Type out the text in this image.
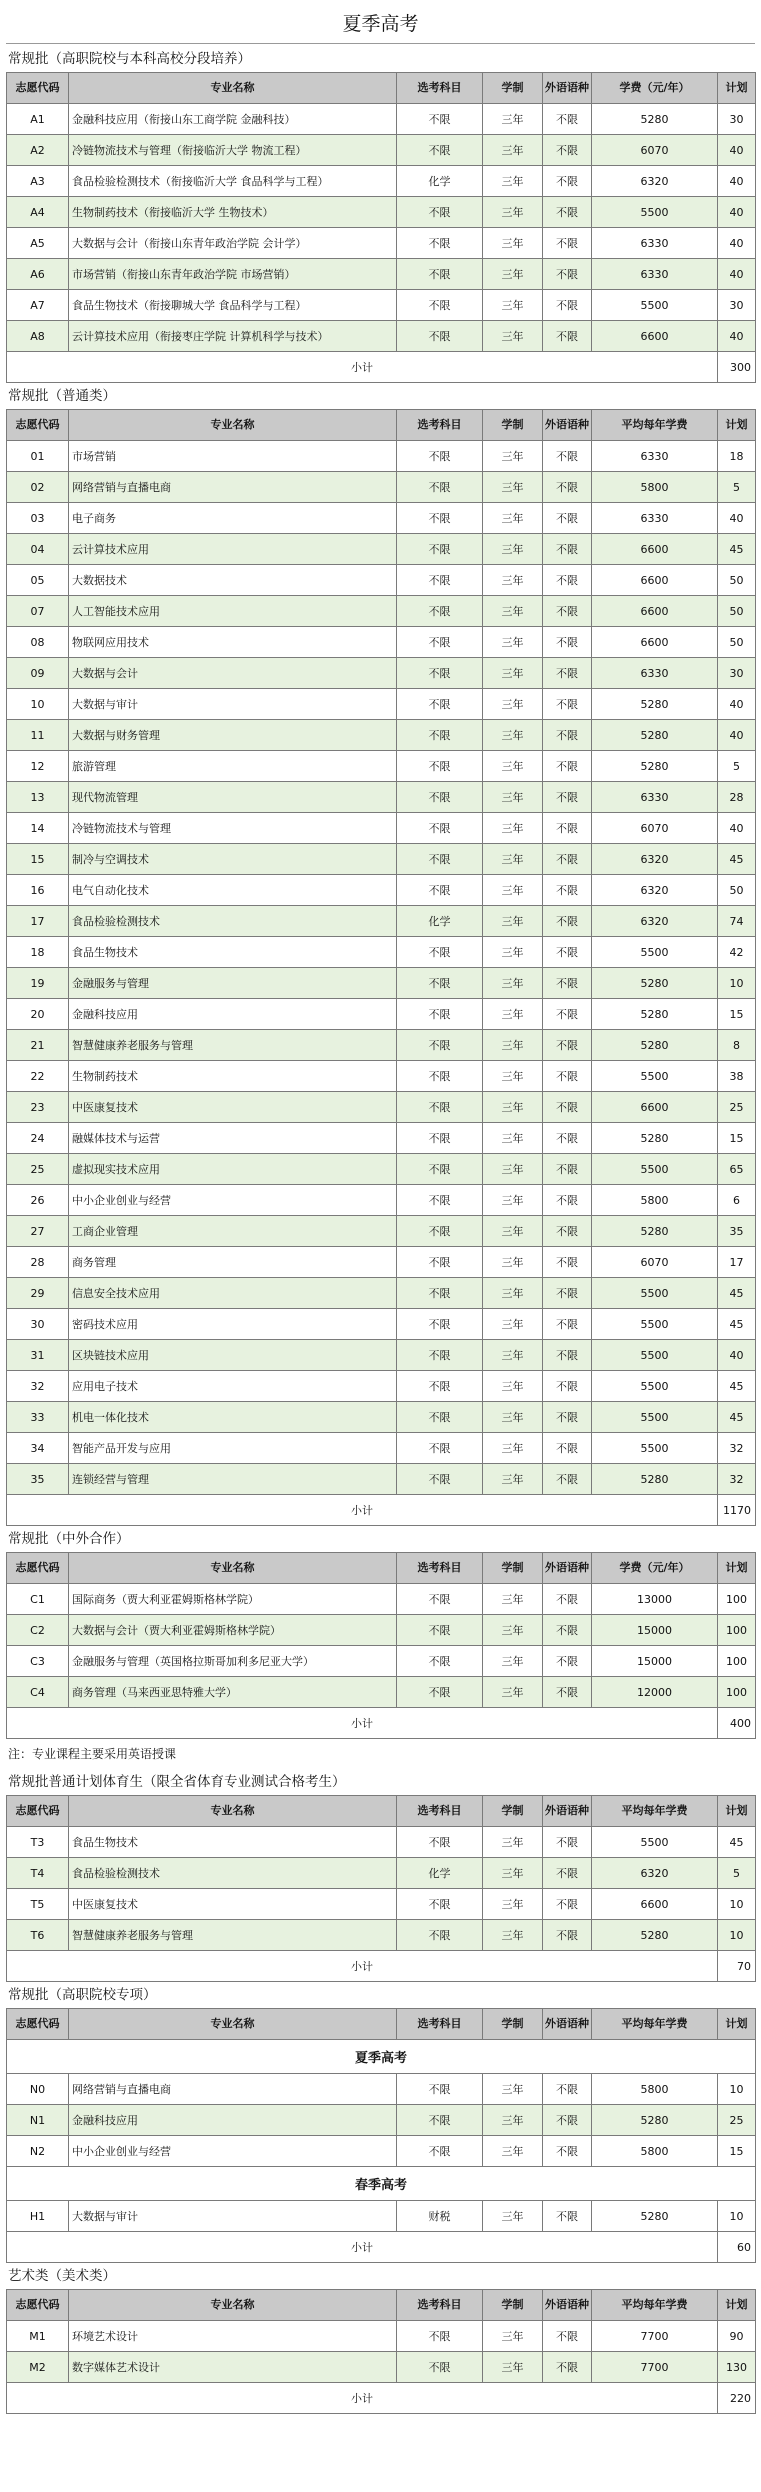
夏季高考
常规批（高职院校与本科高校分段培养）
志愿代码	专业名称	选考科目	学制	外语语种	学费（元/年）	计划
A1	金融科技应用（衔接山东工商学院 金融科技）	不限	三年	不限	5280	30
A2	冷链物流技术与管理（衔接临沂大学 物流工程）	不限	三年	不限	6070	40
A3	食品检验检测技术（衔接临沂大学 食品科学与工程）	化学	三年	不限	6320	40
A4	生物制药技术（衔接临沂大学 生物技术）	不限	三年	不限	5500	40
A5	大数据与会计（衔接山东青年政治学院 会计学）	不限	三年	不限	6330	40
A6	市场营销（衔接山东青年政治学院 市场营销）	不限	三年	不限	6330	40
A7	食品生物技术（衔接聊城大学 食品科学与工程）	不限	三年	不限	5500	30
A8	云计算技术应用（衔接枣庄学院 计算机科学与技术）	不限	三年	不限	6600	40
小计						300
常规批（普通类）
志愿代码	专业名称	选考科目	学制	外语语种	平均每年学费	计划
01	市场营销	不限	三年	不限	6330	18
02	网络营销与直播电商	不限	三年	不限	5800	5
03	电子商务	不限	三年	不限	6330	40
04	云计算技术应用	不限	三年	不限	6600	45
05	大数据技术	不限	三年	不限	6600	50
07	人工智能技术应用	不限	三年	不限	6600	50
08	物联网应用技术	不限	三年	不限	6600	50
09	大数据与会计	不限	三年	不限	6330	30
10	大数据与审计	不限	三年	不限	5280	40
11	大数据与财务管理	不限	三年	不限	5280	40
12	旅游管理	不限	三年	不限	5280	5
13	现代物流管理	不限	三年	不限	6330	28
14	冷链物流技术与管理	不限	三年	不限	6070	40
15	制冷与空调技术	不限	三年	不限	6320	45
16	电气自动化技术	不限	三年	不限	6320	50
17	食品检验检测技术	化学	三年	不限	6320	74
18	食品生物技术	不限	三年	不限	5500	42
19	金融服务与管理	不限	三年	不限	5280	10
20	金融科技应用	不限	三年	不限	5280	15
21	智慧健康养老服务与管理	不限	三年	不限	5280	8
22	生物制药技术	不限	三年	不限	5500	38
23	中医康复技术	不限	三年	不限	6600	25
24	融媒体技术与运营	不限	三年	不限	5280	15
25	虚拟现实技术应用	不限	三年	不限	5500	65
26	中小企业创业与经营	不限	三年	不限	5800	6
27	工商企业管理	不限	三年	不限	5280	35
28	商务管理	不限	三年	不限	6070	17
29	信息安全技术应用	不限	三年	不限	5500	45
30	密码技术应用	不限	三年	不限	5500	45
31	区块链技术应用	不限	三年	不限	5500	40
32	应用电子技术	不限	三年	不限	5500	45
33	机电一体化技术	不限	三年	不限	5500	45
34	智能产品开发与应用	不限	三年	不限	5500	32
35	连锁经营与管理	不限	三年	不限	5280	32
小计						1170
常规批（中外合作）
志愿代码	专业名称	选考科目	学制	外语语种	学费（元/年）	计划
C1	国际商务（贾大利亚霍姆斯格林学院）	不限	三年	不限	13000	100
C2	大数据与会计（贾大利亚霍姆斯格林学院）	不限	三年	不限	15000	100
C3	金融服务与管理（英国格拉斯哥加利多尼亚大学）	不限	三年	不限	15000	100
C4	商务管理（马来西亚思特雅大学）	不限	三年	不限	12000	100
小计						400
注：专业课程主要采用英语授课
常规批普通计划体育生（限全省体育专业测试合格考生）
志愿代码	专业名称	选考科目	学制	外语语种	平均每年学费	计划
T3	食品生物技术	不限	三年	不限	5500	45
T4	食品检验检测技术	化学	三年	不限	6320	5
T5	中医康复技术	不限	三年	不限	6600	10
T6	智慧健康养老服务与管理	不限	三年	不限	5280	10
小计						70
常规批（高职院校专项）
志愿代码	专业名称	选考科目	学制	外语语种	平均每年学费	计划
夏季高考						
N0	网络营销与直播电商	不限	三年	不限	5800	10
N1	金融科技应用	不限	三年	不限	5280	25
N2	中小企业创业与经营	不限	三年	不限	5800	15
春季高考						
H1	大数据与审计	财税	三年	不限	5280	10
小计						60
艺术类（美术类）
志愿代码	专业名称	选考科目	学制	外语语种	平均每年学费	计划
M1	环境艺术设计	不限	三年	不限	7700	90
M2	数字媒体艺术设计	不限	三年	不限	7700	130
小计						220
